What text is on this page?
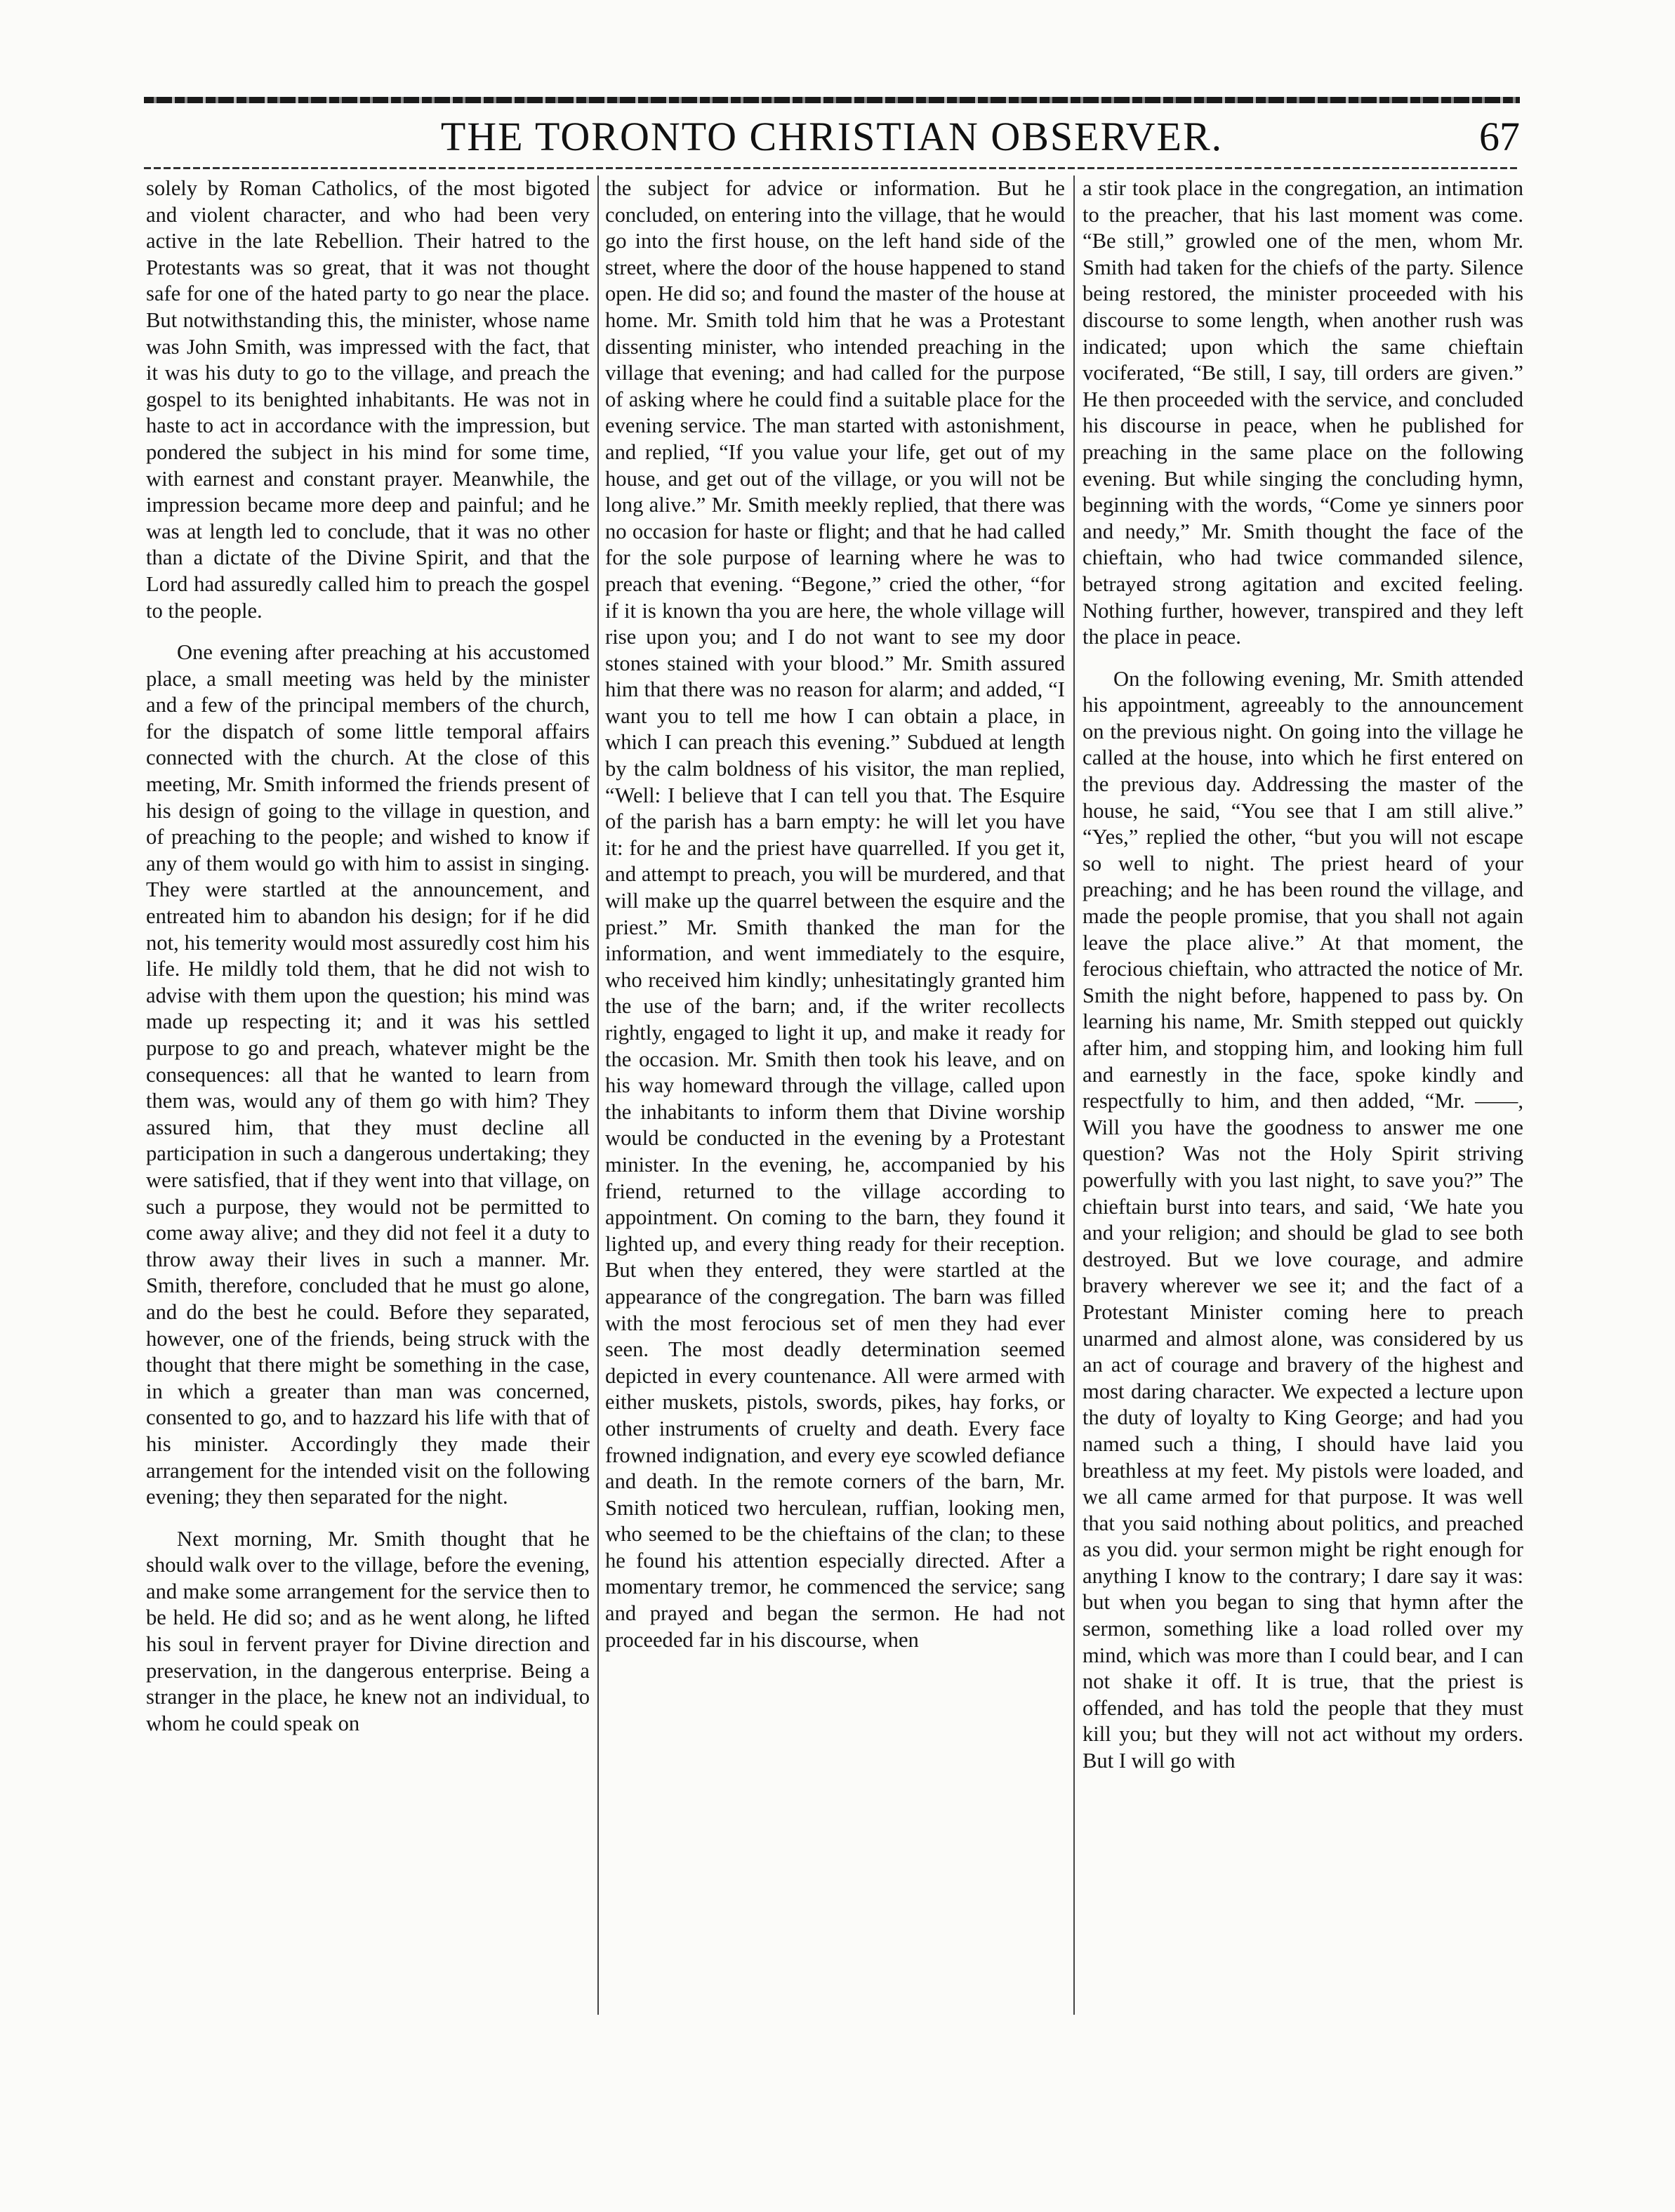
THE TORONTO CHRISTIAN OBSERVER.	67

solely by Roman Catholics, of the most bigoted and violent character, and who had been very active in the late Rebellion. Their hatred to the Protestants was so great, that it was not thought safe for one of the hated party to go near the place. But notwithstanding this, the minister, whose name was John Smith, was impressed with the fact, that it was his duty to go to the village, and preach the gospel to its benighted inhabitants. He was not in haste to act in accordance with the impression, but pondered the subject in his mind for some time, with earnest and constant prayer. Meanwhile, the impression became more deep and painful; and he was at length led to conclude, that it was no other than a dictate of the Divine Spirit, and that the Lord had assuredly called him to preach the gospel to the people.

One evening after preaching at his accustomed place, a small meeting was held by the minister and a few of the principal members of the church, for the dispatch of some little temporal affairs connected with the church. At the close of this meeting, Mr. Smith informed the friends present of his design of going to the village in question, and of preaching to the people; and wished to know if any of them would go with him to assist in singing. They were startled at the announcement, and entreated him to abandon his design; for if he did not, his temerity would most assuredly cost him his life. He mildly told them, that he did not wish to advise with them upon the question; his mind was made up respecting it; and it was his settled purpose to go and preach, whatever might be the consequences: all that he wanted to learn from them was, would any of them go with him? They assured him, that they must decline all participation in such a dangerous undertaking; they were satisfied, that if they went into that village, on such a purpose, they would not be permitted to come away alive; and they did not feel it a duty to throw away their lives in such a manner. Mr. Smith, therefore, concluded that he must go alone, and do the best he could. Before they separated, however, one of the friends, being struck with the thought that there might be something in the case, in which a greater than man was concerned, consented to go, and to hazzard his life with that of his minister. Accordingly they made their arrangement for the intended visit on the following evening; they then separated for the night.

Next morning, Mr. Smith thought that he should walk over to the village, before the evening, and make some arrangement for the service then to be held. He did so; and as he went along, he lifted his soul in fervent prayer for Divine direction and preservation, in the dangerous enterprise. Being a stranger in the place, he knew not an individual, to whom he could speak on

the subject for advice or information. But he concluded, on entering into the village, that he would go into the first house, on the left hand side of the street, where the door of the house happened to stand open. He did so; and found the master of the house at home. Mr. Smith told him that he was a Protestant dissenting minister, who intended preaching in the village that evening; and had called for the purpose of asking where he could find a suitable place for the evening service. The man started with astonishment, and replied, “If you value your life, get out of my house, and get out of the village, or you will not be long alive.” Mr. Smith meekly replied, that there was no occasion for haste or flight; and that he had called for the sole purpose of learning where he was to preach that evening. “Begone,” cried the other, “for if it is known tha you are here, the whole village will rise upon you; and I do not want to see my door stones stained with your blood.” Mr. Smith assured him that there was no reason for alarm; and added, “I want you to tell me how I can obtain a place, in which I can preach this evening.” Subdued at length by the calm boldness of his visitor, the man replied, “Well: I believe that I can tell you that. The Esquire of the parish has a barn empty: he will let you have it: for he and the priest have quarrelled. If you get it, and attempt to preach, you will be murdered, and that will make up the quarrel between the esquire and the priest.” Mr. Smith thanked the man for the information, and went immediately to the esquire, who received him kindly; unhesitatingly granted him the use of the barn; and, if the writer recollects rightly, engaged to light it up, and make it ready for the occasion. Mr. Smith then took his leave, and on his way homeward through the village, called upon the inhabitants to inform them that Divine worship would be conducted in the evening by a Protestant minister. In the evening, he, accompanied by his friend, returned to the village according to appointment. On coming to the barn, they found it lighted up, and every thing ready for their reception. But when they entered, they were startled at the appearance of the congregation. The barn was filled with the most ferocious set of men they had ever seen. The most deadly determination seemed depicted in every countenance. All were armed with either muskets, pistols, swords, pikes, hay forks, or other instruments of cruelty and death. Every face frowned indignation, and every eye scowled defiance and death. In the remote corners of the barn, Mr. Smith noticed two herculean, ruffian, looking men, who seemed to be the chieftains of the clan; to these he found his attention especially directed. After a momentary tremor, he commenced the service; sang and prayed and began the sermon. He had not proceeded far in his discourse, when

a stir took place in the congregation, an intimation to the preacher, that his last moment was come. “Be still,” growled one of the men, whom Mr. Smith had taken for the chiefs of the party. Silence being restored, the minister proceeded with his discourse to some length, when another rush was indicated; upon which the same chieftain vociferated, “Be still, I say, till orders are given.” He then proceeded with the service, and concluded his discourse in peace, when he published for preaching in the same place on the following evening. But while singing the concluding hymn, beginning with the words, “Come ye sinners poor and needy,” Mr. Smith thought the face of the chieftain, who had twice commanded silence, betrayed strong agitation and excited feeling. Nothing further, however, transpired and they left the place in peace.

On the following evening, Mr. Smith attended his appointment, agreeably to the announcement on the previous night. On going into the village he called at the house, into which he first entered on the previous day. Addressing the master of the house, he said, “You see that I am still alive.” “Yes,” replied the other, “but you will not escape so well to night. The priest heard of your preaching; and he has been round the village, and made the people promise, that you shall not again leave the place alive.” At that moment, the ferocious chieftain, who attracted the notice of Mr. Smith the night before, happened to pass by. On learning his name, Mr. Smith stepped out quickly after him, and stopping him, and looking him full and earnestly in the face, spoke kindly and respectfully to him, and then added, “Mr. ——, Will you have the goodness to answer me one question? Was not the Holy Spirit striving powerfully with you last night, to save you?” The chieftain burst into tears, and said, ‘We hate you and your religion; and should be glad to see both destroyed. But we love courage, and admire bravery wherever we see it; and the fact of a Protestant Minister coming here to preach unarmed and almost alone, was considered by us an act of courage and bravery of the highest and most daring character. We expected a lecture upon the duty of loyalty to King George; and had you named such a thing, I should have laid you breathless at my feet. My pistols were loaded, and we all came armed for that purpose. It was well that you said nothing about politics, and preached as you did. your sermon might be right enough for anything I know to the contrary; I dare say it was: but when you began to sing that hymn after the sermon, something like a load rolled over my mind, which was more than I could bear, and I can not shake it off. It is true, that the priest is offended, and has told the people that they must kill you; but they will not act without my orders. But I will go with
